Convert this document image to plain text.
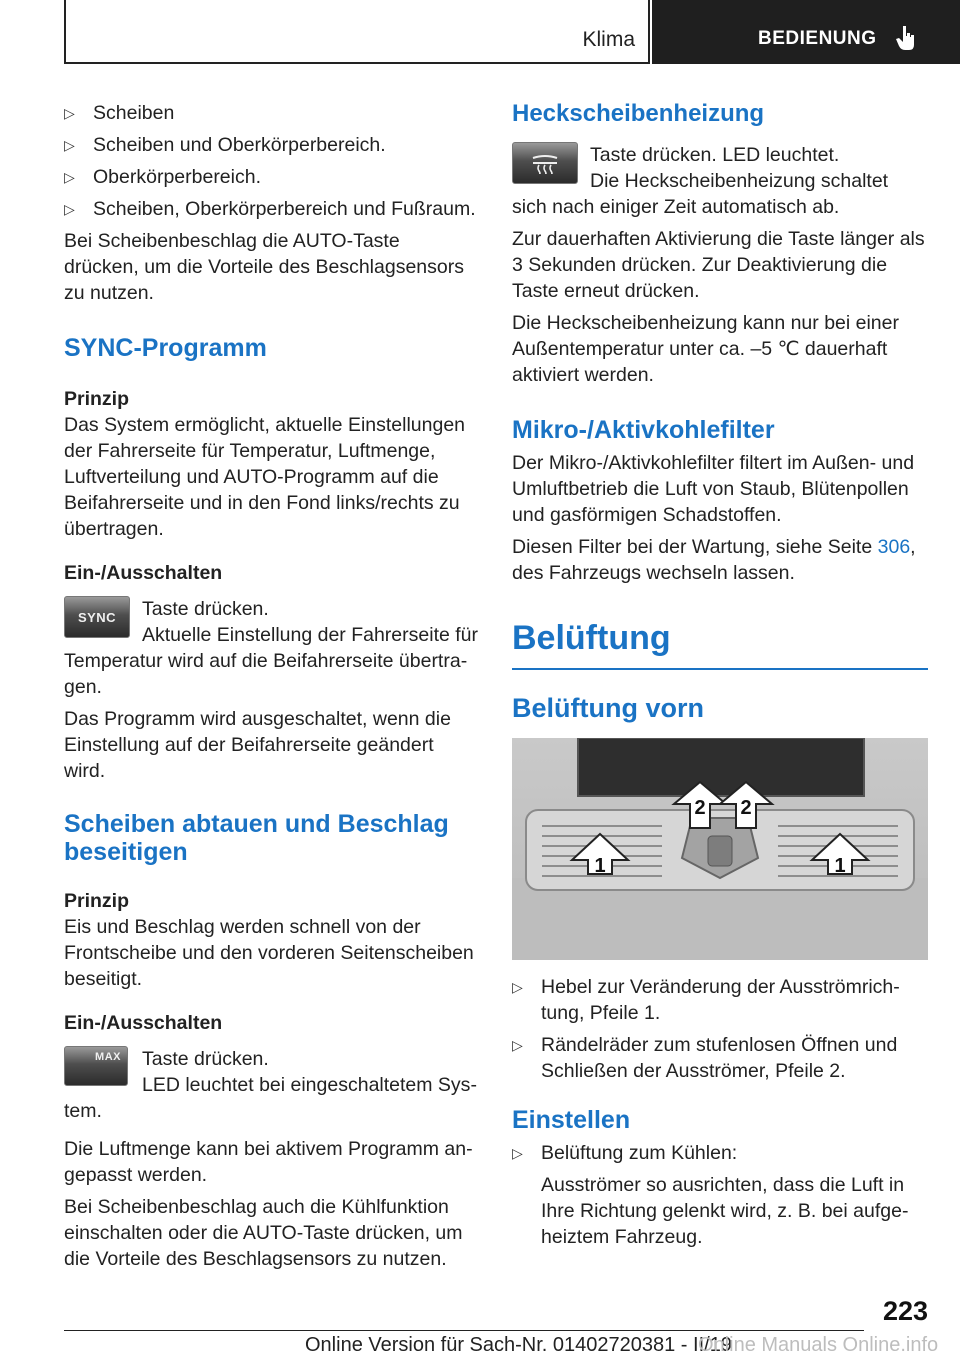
Klima	BEDIENUNG
▷ Scheiben
▷ Scheiben und Oberkörperbereich.
▷ Oberkörperbereich.
▷ Scheiben, Oberkörperbereich und Fußraum.

Bei Scheibenbeschlag die AUTO-Taste drücken, um die Vorteile des Beschlagsensors zu nutzen.

SYNC-Programm
Prinzip

Das System ermöglicht, aktuelle Einstellungen der Fahrerseite für Temperatur, Luftmenge, Luftverteilung und AUTO-Programm auf die Beifahrerseite und in den Fond links/rechts zu übertragen.

Ein-/Ausschalten
SYNC	Taste drücken.

Aktuelle Einstellung der Fahrerseite für Temperatur wird auf die Beifahrerseite übertragen.

Das Programm wird ausgeschaltet, wenn die Einstellung auf der Beifahrerseite geändert wird.

Scheiben abtauen und Beschlag beseitigen
Prinzip

Eis und Beschlag werden schnell von der Frontscheibe und den vorderen Seitenscheiben beseitigt.

Ein-/Ausschalten
MAX	Taste drücken.

LED leuchtet bei eingeschaltetem System.

Die Luftmenge kann bei aktivem Programm angepasst werden.

Bei Scheibenbeschlag auch die Kühlfunktion einschalten oder die AUTO-Taste drücken, um die Vorteile des Beschlagsensors zu nutzen.

Heckscheibenheizung

Taste drücken. LED leuchtet.

Die Heckscheibenheizung schaltet sich nach einiger Zeit automatisch ab.

Zur dauerhaften Aktivierung die Taste länger als 3 Sekunden drücken. Zur Deaktivierung die Taste erneut drücken.

Die Heckscheibenheizung kann nur bei einer Außentemperatur unter ca. –5 ℃ dauerhaft aktiviert werden.

Mikro-/Aktivkohlefilter

Der Mikro-/Aktivkohlefilter filtert im Außen- und Umluftbetrieb die Luft von Staub, Blütenpollen und gasförmigen Schadstoffen.

Diesen Filter bei der Wartung, siehe Seite 306, des Fahrzeugs wechseln lassen.

Belüftung
Belüftung vorn
1	1
2 2
▷ Hebel zur Veränderung der Ausströmrichtung, Pfeile 1.
▷ Rändelräder zum stufenlosen Öffnen und Schließen der Ausströmer, Pfeile 2.
Einstellen
▷ Belüftung zum Kühlen:

Ausströmer so ausrichten, dass die Luft in Ihre Richtung gelenkt wird, z. B. bei aufgeheiztem Fahrzeug.

223
Online Version für Sach-Nr. 01402720381 - II/19
Online Manuals Online.info
